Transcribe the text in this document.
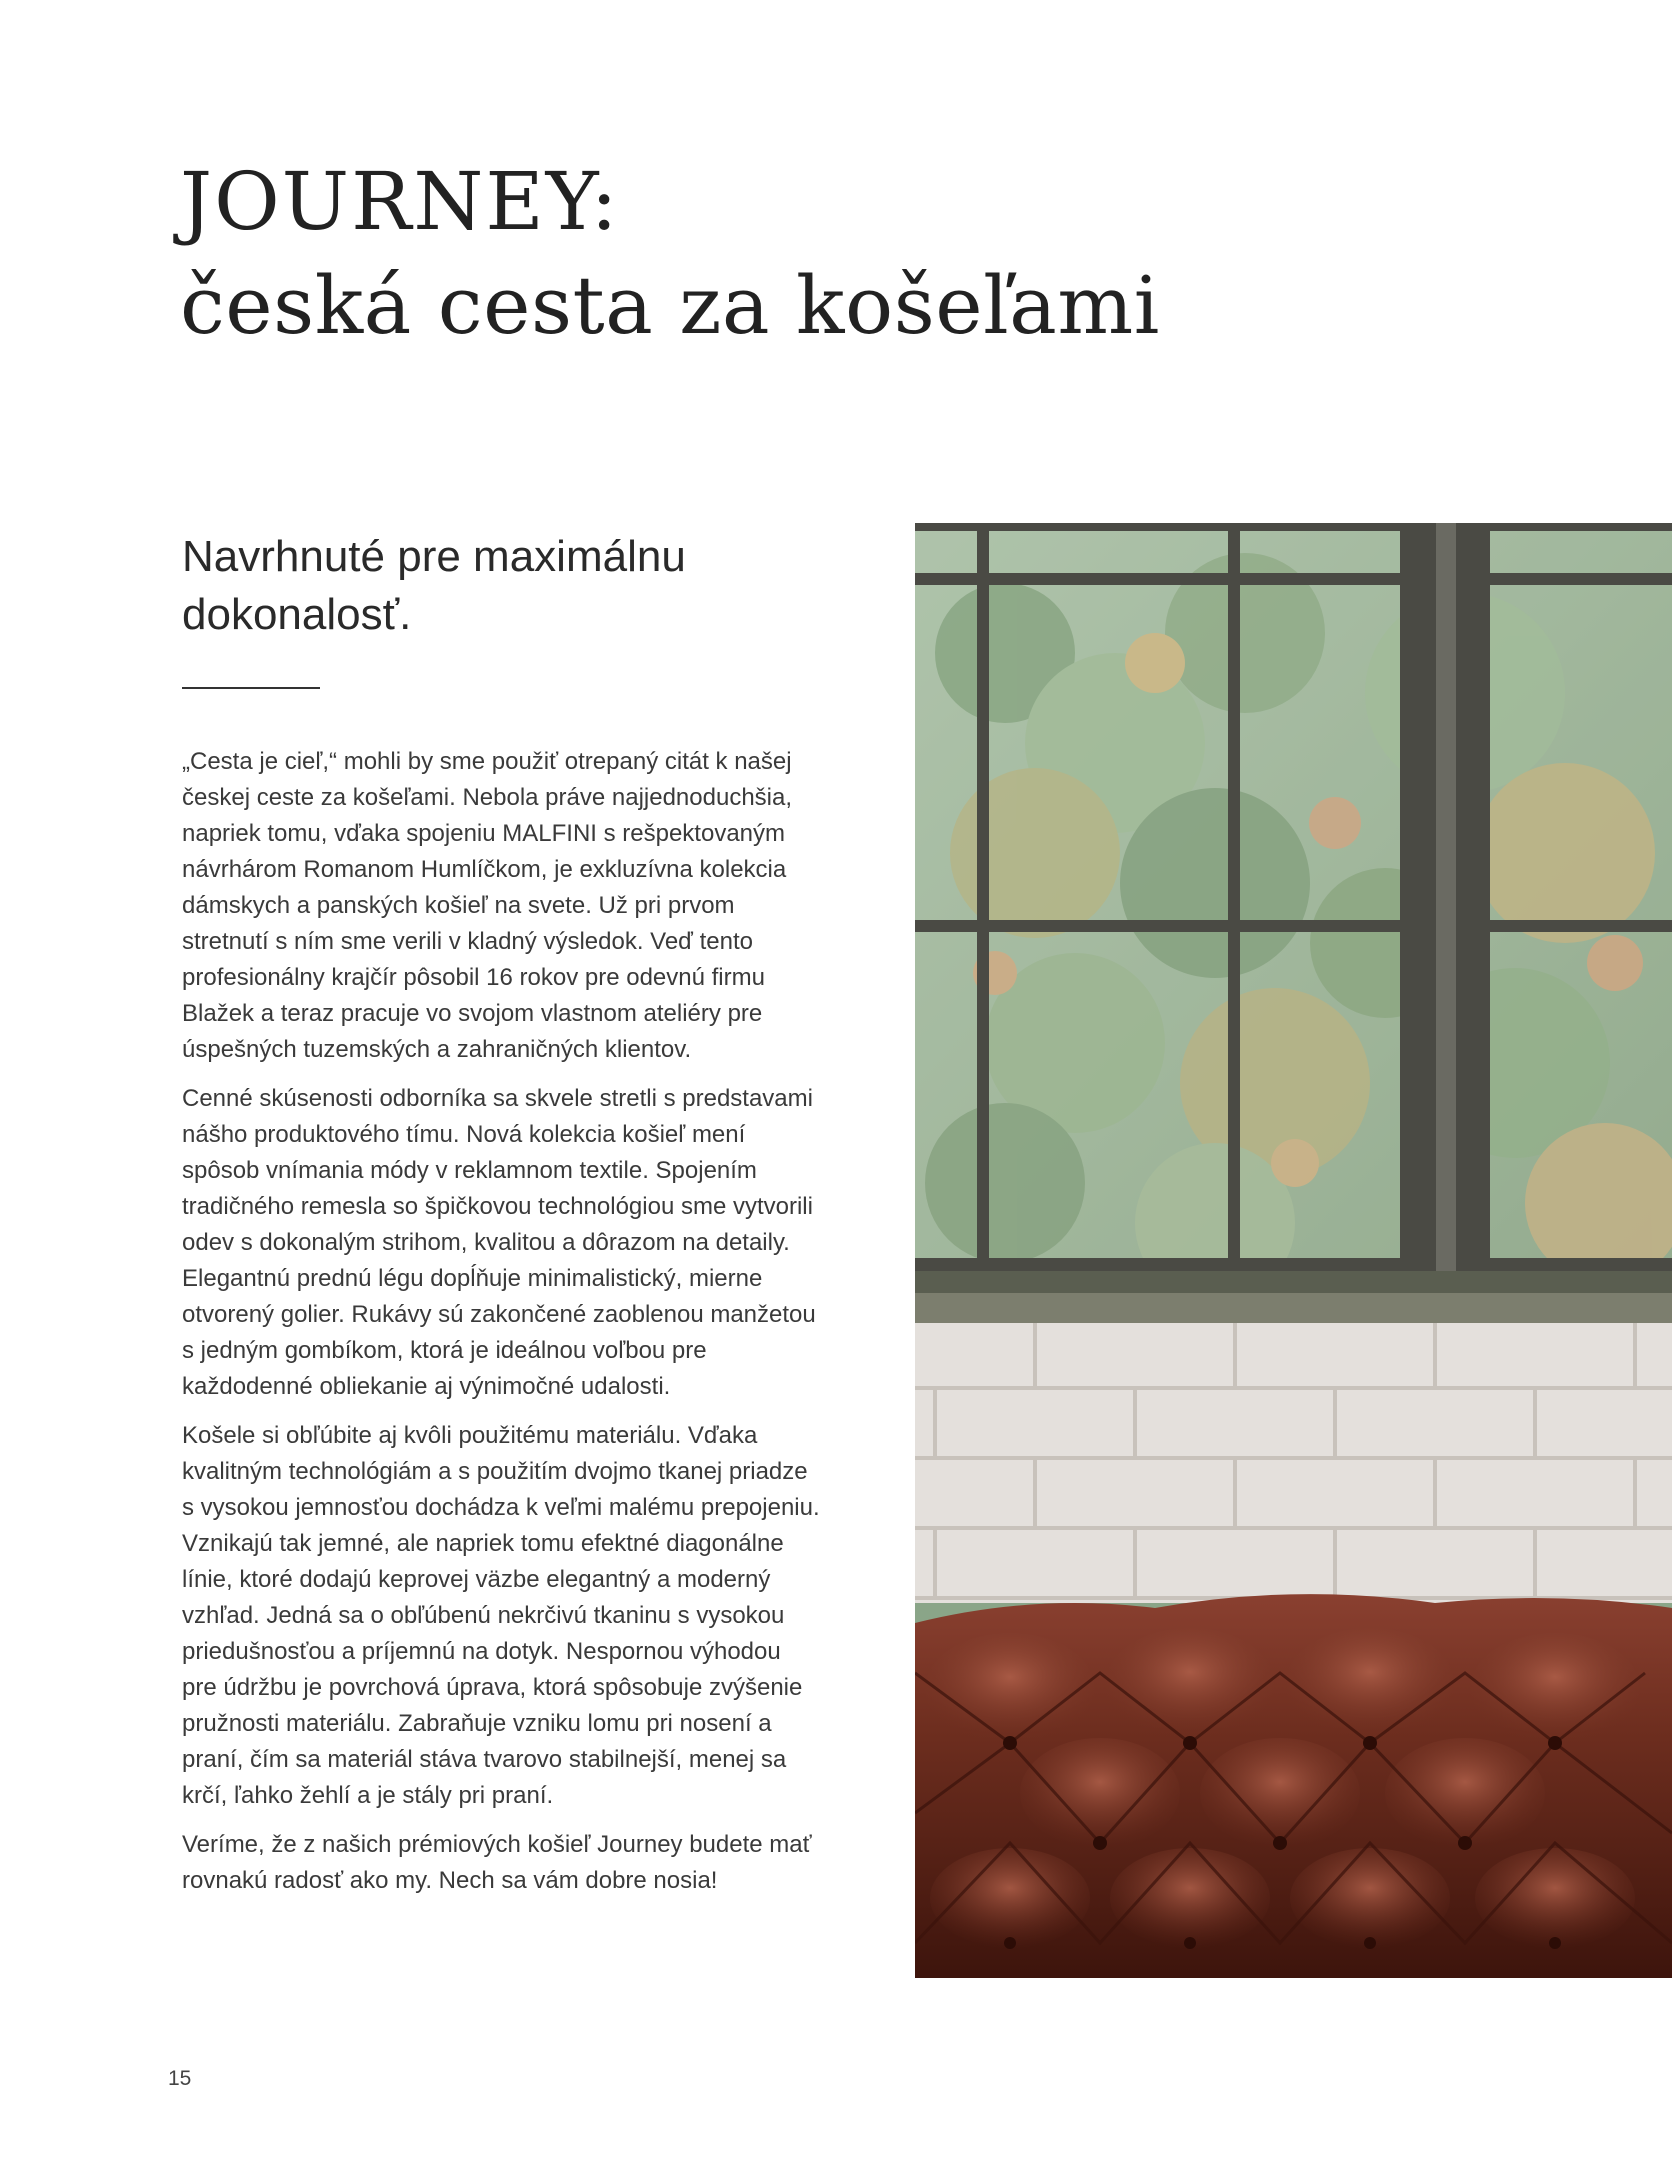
JOURNEY:
česká cesta za košeľami
Navrhnuté pre maximálnu dokonalosť.

„Cesta je cieľ,“ mohli by sme použiť otrepaný citát k našej českej ceste za košeľami. Nebola práve najjednoduchšia, napriek tomu, vďaka spojeniu MALFINI s rešpektovaným návrhárom Romanom Humlíčkom, je exkluzívna kolekcia dámskych a panských košieľ na svete. Už pri prvom stretnutí s ním sme verili v kladný výsledok. Veď tento profesionálny krajčír pôsobil 16 rokov pre odevnú firmu Blažek a teraz pracuje vo svojom vlastnom ateliéry pre úspešných tuzemských a zahraničných klientov.

Cenné skúsenosti odborníka sa skvele stretli s predstavami nášho produktového tímu. Nová kolekcia košieľ mení spôsob vnímania módy v reklamnom textile. Spojením tradičného remesla so špičkovou technológiou sme vytvorili odev s dokonalým strihom, kvalitou a dôrazom na detaily. Elegantnú prednú légu dopĺňuje minimalistický, mierne otvorený golier. Rukávy sú zakončené zaoblenou manžetou s jedným gombíkom, ktorá je ideálnou voľbou pre každodenné obliekanie aj výnimočné udalosti.

Košele si obľúbite aj kvôli použitému materiálu. Vďaka kvalitným technológiám a s použitím dvojmo tkanej priadze s vysokou jemnosťou dochádza k veľmi malému prepojeniu. Vznikajú tak jemné, ale napriek tomu efektné diagonálne línie, ktoré dodajú keprovej väzbe elegantný a moderný vzhľad. Jedná sa o obľúbenú nekrčivú tkaninu s vysokou priedušnosťou a príjemnú na dotyk. Nespornou výhodou pre údržbu je povrchová úprava, ktorá spôsobuje zvýšenie pružnosti materiálu. Zabraňuje vzniku lomu pri nosení a praní, čím sa materiál stáva tvarovo stabilnejší, menej sa krčí, ľahko žehlí a je stály pri praní.

Veríme, že z našich prémiových košieľ Journey budete mať rovnakú radosť ako my. Nech sa vám dobre nosia!

15
